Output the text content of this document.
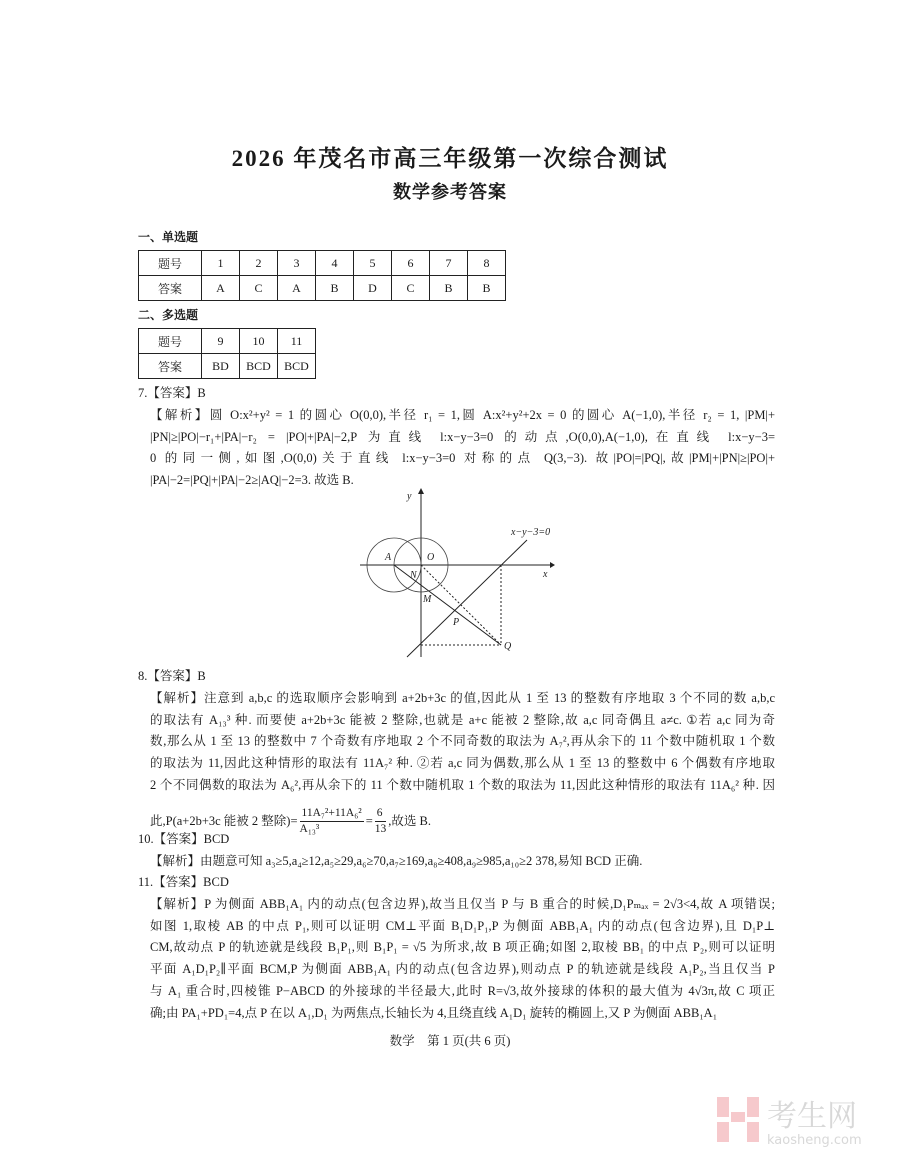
2026 年茂名市高三年级第一次综合测试
数学参考答案
一、单选题
题号	1	2	3	4	5	6	7	8
答案	A	C	A	B	D	C	B	B
二、多选题
题号	9	10	11
答案	BD	BCD	BCD
7.【答案】B
【解析】圆 O:x²+y² = 1 的圆心 O(0,0),半径 r₁ = 1,圆 A:x²+y²+2x = 0 的圆心 A(−1,0),半径 r₂ = 1, |PM|+
|PN|≥|PO|−r₁+|PA|−r₂ = |PO|+|PA|−2,P 为直线 l:x−y−3=0 的动点,O(0,0),A(−1,0),在直线 l:x−y−3=
0 的同一侧,如图,O(0,0)关于直线 l:x−y−3=0 对称的点 Q(3,−3). 故|PO|=|PQ|,故|PM|+|PN|≥|PO|+
|PA|−2=|PQ|+|PA|−2≥|AQ|−2=3. 故选 B.
y
x
x−y−3=0
A	O
N
M
P
Q
8.【答案】B
【解析】注意到 a,b,c 的选取顺序会影响到 a+2b+3c 的值,因此从 1 至 13 的整数有序地取 3 个不同的数 a,b,c
的取法有 A₁₃³ 种. 而要使 a+2b+3c 能被 2 整除,也就是 a+c 能被 2 整除,故 a,c 同奇偶且 a≠c. ①若 a,c 同为奇
数,那么从 1 至 13 的整数中 7 个奇数有序地取 2 个不同奇数的取法为 A₇²,再从余下的 11 个数中随机取 1 个数
的取法为 11,因此这种情形的取法有 11A₇² 种. ②若 a,c 同为偶数,那么从 1 至 13 的整数中 6 个偶数有序地取
2 个不同偶数的取法为 A₆²,再从余下的 11 个数中随机取 1 个数的取法为 11,因此这种情形的取法有 11A₆² 种. 因
此,P(a+2b+3c 能被 2 整除)= $\frac{\text{11A₇²+11A₆²}}{\text{A₁₃³}} = \frac{6}{13}$ ,故选 B.
10.【答案】BCD
【解析】由题意可知 a₃≥5,a₄≥12,a₅≥29,a₆≥70,a₇≥169,a₈≥408,a₉≥985,a₁₀≥2 378,易知 BCD 正确.
11.【答案】BCD
【解析】P 为侧面 ABB₁A₁ 内的动点(包含边界),故当且仅当 P 与 B 重合的时候,D₁Pₘₐₓ = 2√3<4,故 A 项错误;
如图 1,取棱 AB 的中点 P₁,则可以证明 CM⊥平面 B₁D₁P₁,P 为侧面 ABB₁A₁ 内的动点(包含边界),且 D₁P⊥
CM,故动点 P 的轨迹就是线段 B₁P₁,则 B₁P₁ = √5 为所求,故 B 项正确;如图 2,取棱 BB₁ 的中点 P₂,则可以证明
平面 A₁D₁P₂∥平面 BCM,P 为侧面 ABB₁A₁ 内的动点(包含边界),则动点 P 的轨迹就是线段 A₁P₂,当且仅当 P
与 A₁ 重合时,四棱锥 P−ABCD 的外接球的半径最大,此时 R=√3,故外接球的体积的最大值为 4√3π,故 C 项正
确;由 PA₁+PD₁=4,点 P 在以 A₁,D₁ 为两焦点,长轴长为 4,且绕直线 A₁D₁ 旋转的椭圆上,又 P 为侧面 ABB₁A₁
数学　第 1 页(共 6 页)
考生网
kaosheng.com
